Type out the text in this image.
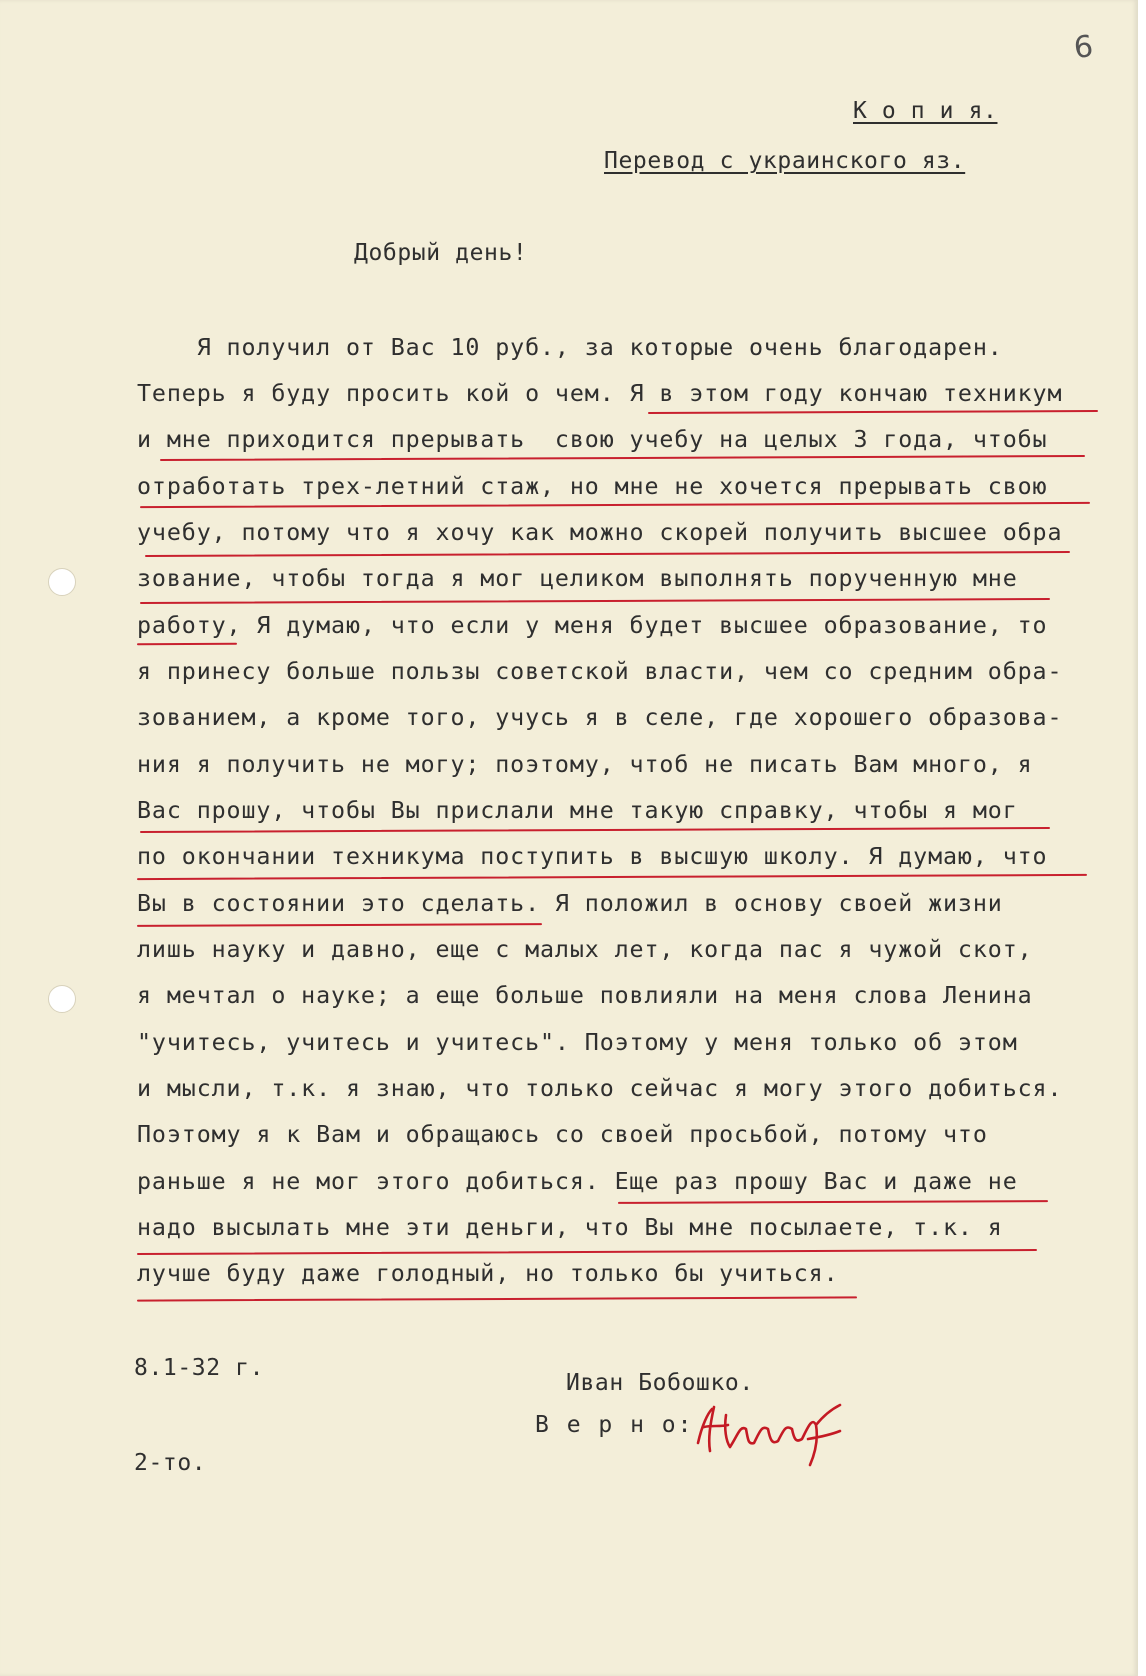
6
К о п и я.
Перевод с украинского яз.
Добрый день!
Я получил от Вас 10 руб., за которые очень благодарен.
Теперь я буду просить кой о чем. Я в этом году кончаю техникум
и мне приходится прерывать  свою учебу на целых 3 года, чтобы
отработать трех-летний стаж, но мне не хочется прерывать свою
учебу, потому что я хочу как можно скорей получить высшее обра
зование, чтобы тогда я мог целиком выполнять порученную мне
работу, Я думаю, что если у меня будет высшее образование, то
я принесу больше пользы советской власти, чем со средним обра-
зованием, а кроме того, учусь я в селе, где хорошего образова-
ния я получить не могу; поэтому, чтоб не писать Вам много, я
Вас прошу, чтобы Вы прислали мне такую справку, чтобы я мог
по окончании техникума поступить в высшую школу. Я думаю, что
Вы в состоянии это сделать. Я положил в основу своей жизни
лишь науку и давно, еще с малых лет, когда пас я чужой скот,
я мечтал о науке; а еще больше повлияли на меня слова Ленина
"учитесь, учитесь и учитесь". Поэтому у меня только об этом
и мысли, т.к. я знаю, что только сейчас я могу этого добиться.
Поэтому я к Вам и обращаюсь со своей просьбой, потому что
раньше я не мог этого добиться. Еще раз прошу Вас и даже не
надо высылать мне эти деньги, что Вы мне посылаете, т.к. я
лучше буду даже голодный, но только бы учиться.
8.1-32 г.
Иван Бобошко.
В е р н о:
2-то.
